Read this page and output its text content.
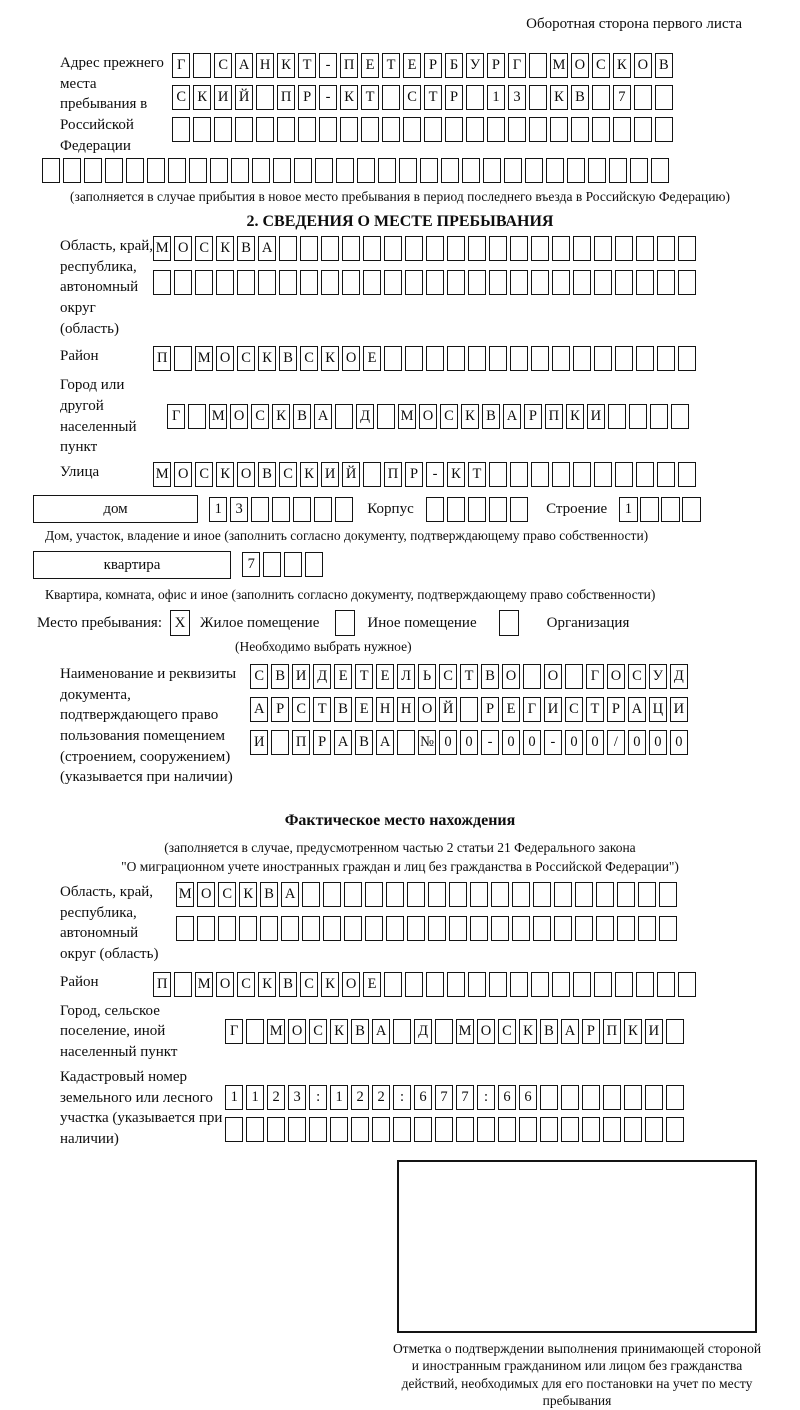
Оборотная сторона первого листа
Адрес прежнего места пребывания в Российской Федерации
Г	С А Н К Т - П Е Т Е Р Б У Р Г	М О С К О В
С К И Й П Р	- К Т	С Т Р	1 3	К В	7
(заполняется в случае прибытия в новое место пребывания в период последнего въезда в Российскую Федерацию)
2. СВЕДЕНИЯ О МЕСТЕ ПРЕБЫВАНИЯ
Область, край, республика, автономный округ (область)
М О С К В А
Район	П М О С К В С К О Е
Город или другой населенный пункт
Г	М О С К В А Д М О С К В А Р П К И
Улица	М О С К О В С К И Й П Р	- К Т
дом	1 3	Корпус	Строение	1
Дом, участок, владение и иное (заполнить согласно документу, подтверждающему право собственности)
квартира	7
Квартира, комната, офис и иное (заполнить согласно документу, подтверждающему право собственности)
Место пребывания: X Жилое помещение	Иное помещение	Организация
(Необходимо выбрать нужное)
Наименование и реквизиты документа, подтверждающего право пользования помещением (строением, сооружением) (указывается при наличии)
С В И Д Е Т Е Л Ь С Т В О О	Г О С У Д
А Р С Т В Е Н Н О Й	Р Е Г И С Т Р А Ц И
И П Р А В А № 0 0	-	0 0	-	0 0	/	0 0 0
Фактическое место нахождения
(заполняется в случае, предусмотренном частью 2 статьи 21 Федерального закона
"О миграционном учете иностранных граждан и лиц без гражданства в Российской Федерации")
Область, край, республика, автономный округ (область)
М О С К В А
Район	П М О С К В С К О Е
Город, сельское поселение, иной населенный пункт
Г	М О С К В А Д М О С К В А Р П К И
Кадастровый номер земельного или лесного участка (указывается при наличии)
1 1 2 3	:	1 2 2	:	6 7 7	:	6 6
Отметка о подтверждении выполнения принимающей стороной и иностранным гражданином или лицом без гражданства действий, необходимых для его постановки на учет по месту пребывания
